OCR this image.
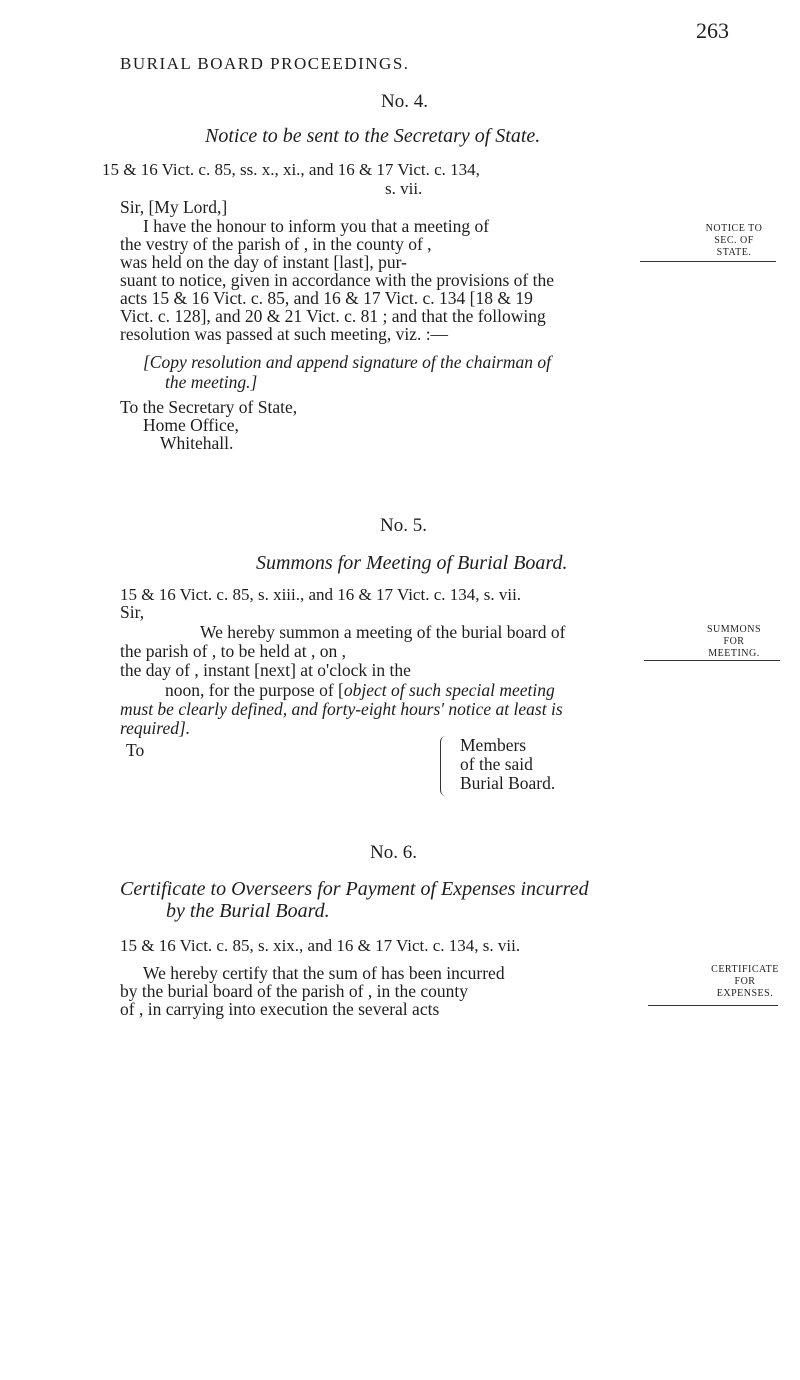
BURIAL BOARD PROCEEDINGS.
263
No. 4.
Notice to be sent to the Secretary of State.
15 & 16 Vict. c. 85, ss. x., xi., and 16 & 17 Vict. c. 134,
s. vii.
Sir, [My Lord,]
I have the honour to inform you that a meeting of
the vestry of the parish of , in the county of ,
was held on the day of instant [last], pur-
suant to notice, given in accordance with the provisions of the
acts 15 & 16 Vict. c. 85, and 16 & 17 Vict. c. 134 [18 & 19
Vict. c. 128], and 20 & 21 Vict. c. 81 ; and that the following
resolution was passed at such meeting, viz. :—
[Copy resolution and append signature of the chairman of
the meeting.]
To the Secretary of State,
Home Office,
Whitehall.
NOTICE TO
SEC. OF
STATE.
No. 5.
Summons for Meeting of Burial Board.
15 & 16 Vict. c. 85, s. xiii., and 16 & 17 Vict. c. 134, s. vii.
Sir,
We hereby summon a meeting of the burial board of
the parish of , to be held at , on ,
the day of , instant [next] at o'clock in the
noon, for the purpose of [object of such special meeting
must be clearly defined, and forty-eight hours' notice at least is
required].
To	Members
of the said
Burial Board.
SUMMONS
FOR
MEETING.
No. 6.
Certificate to Overseers for Payment of Expenses incurred
by the Burial Board.
15 & 16 Vict. c. 85, s. xix., and 16 & 17 Vict. c. 134, s. vii.
We hereby certify that the sum of has been incurred
by the burial board of the parish of , in the county
of , in carrying into execution the several acts
CERTIFICATE
FOR
EXPENSES.
